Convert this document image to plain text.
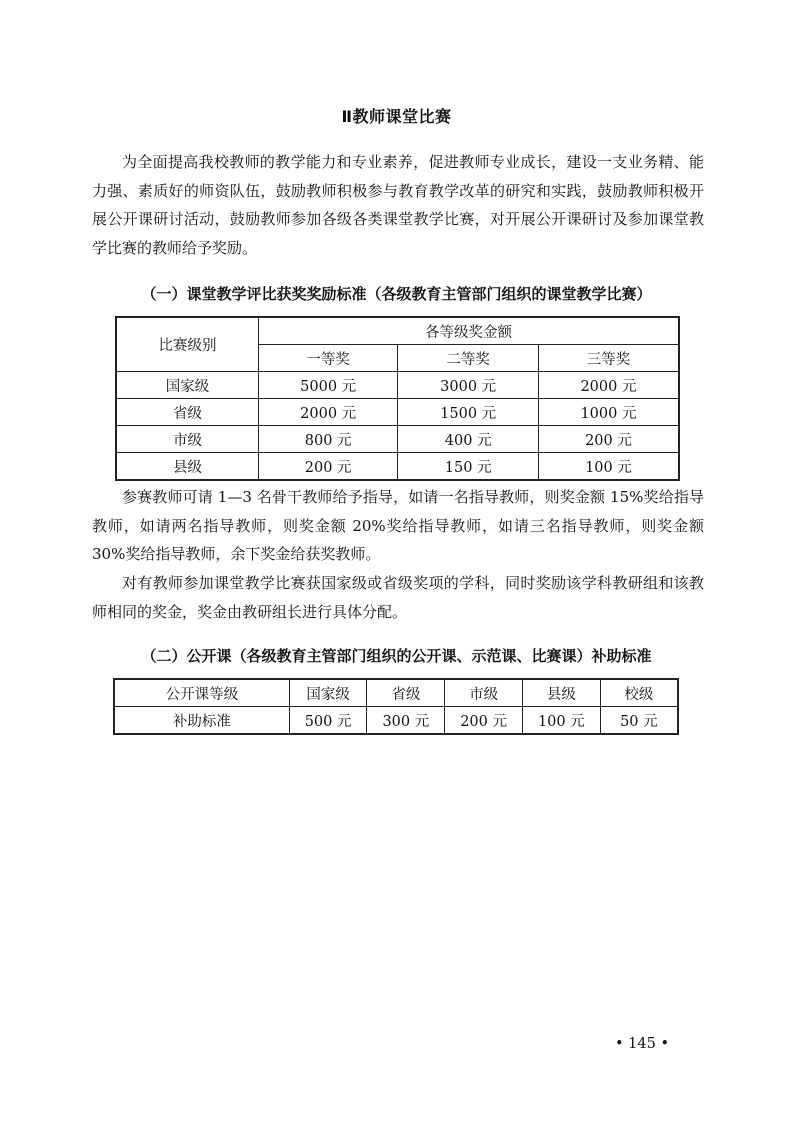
Ⅱ教师课堂比赛

为全面提高我校教师的教学能力和专业素养，促进教师专业成长，建设一支业务精、能力强、素质好的师资队伍，鼓励教师积极参与教育教学改革的研究和实践，鼓励教师积极开展公开课研讨活动，鼓励教师参加各级各类课堂教学比赛，对开展公开课研讨及参加课堂教学比赛的教师给予奖励。

（一）课堂教学评比获奖奖励标准（各级教育主管部门组织的课堂教学比赛）
比赛级别	各等级奖金额		
	一等奖	二等奖	三等奖
国家级	5000 元	3000 元	2000 元
省级	2000 元	1500 元	1000 元
市级	800 元	400 元	200 元
县级	200 元	150 元	100 元

参赛教师可请 1—3 名骨干教师给予指导，如请一名指导教师，则奖金额 15%奖给指导教师，如请两名指导教师，则奖金额 20%奖给指导教师，如请三名指导教师，则奖金额 30%奖给指导教师，余下奖金给获奖教师。

对有教师参加课堂教学比赛获国家级或省级奖项的学科，同时奖励该学科教研组和该教师相同的奖金，奖金由教研组长进行具体分配。

（二）公开课（各级教育主管部门组织的公开课、示范课、比赛课）补助标准
公开课等级	国家级	省级	市级	县级	校级
补助标准	500 元	300 元	200 元	100 元	50 元
• 145 •
